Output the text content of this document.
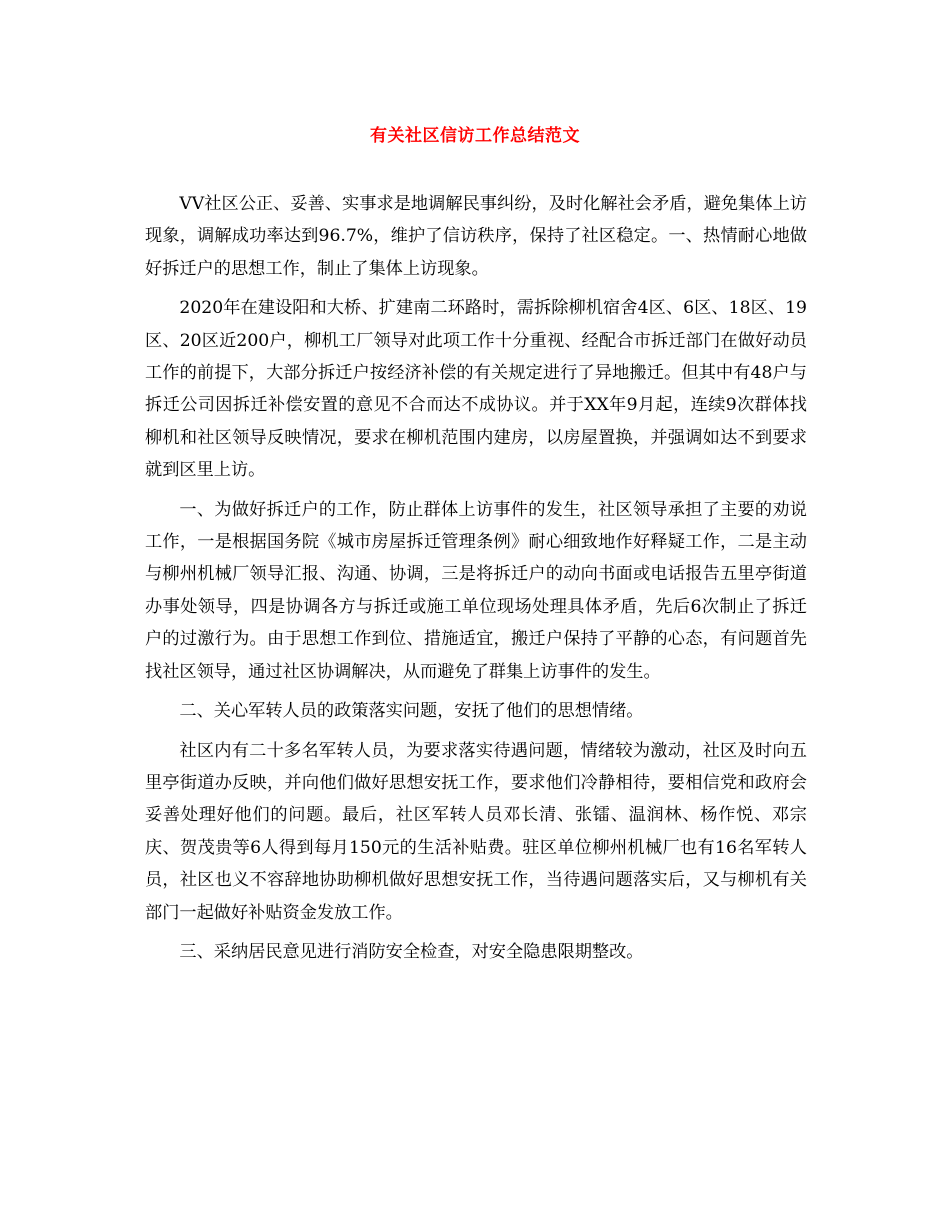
有关社区信访工作总结范文

VV社区公正、妥善、实事求是地调解民事纠纷，及时化解社会矛盾，避免集体上访现象，调解成功率达到96.7%，维护了信访秩序，保持了社区稳定。一、热情耐心地做好拆迁户的思想工作，制止了集体上访现象。

2020年在建设阳和大桥、扩建南二环路时，需拆除柳机宿舍4区、6区、18区、19区、20区近200户，柳机工厂领导对此项工作十分重视、经配合市拆迁部门在做好动员工作的前提下，大部分拆迁户按经济补偿的有关规定进行了异地搬迁。但其中有48户与拆迁公司因拆迁补偿安置的意见不合而达不成协议。并于XX年9月起，连续9次群体找柳机和社区领导反映情况，要求在柳机范围内建房，以房屋置换，并强调如达不到要求就到区里上访。

一、为做好拆迁户的工作，防止群体上访事件的发生，社区领导承担了主要的劝说工作，一是根据国务院《城市房屋拆迁管理条例》耐心细致地作好释疑工作，二是主动与柳州机械厂领导汇报、沟通、协调，三是将拆迁户的动向书面或电话报告五里亭街道办事处领导，四是协调各方与拆迁或施工单位现场处理具体矛盾，先后6次制止了拆迁户的过激行为。由于思想工作到位、措施适宜，搬迁户保持了平静的心态，有问题首先找社区领导，通过社区协调解决，从而避免了群集上访事件的发生。

二、关心军转人员的政策落实问题，安抚了他们的思想情绪。

社区内有二十多名军转人员，为要求落实待遇问题，情绪较为激动，社区及时向五里亭街道办反映，并向他们做好思想安抚工作，要求他们冷静相待，要相信党和政府会妥善处理好他们的问题。最后，社区军转人员邓长清、张镭、温润林、杨作悦、邓宗庆、贺茂贵等6人得到每月150元的生活补贴费。驻区单位柳州机械厂也有16名军转人员，社区也义不容辞地协助柳机做好思想安抚工作，当待遇问题落实后，又与柳机有关部门一起做好补贴资金发放工作。

三、采纳居民意见进行消防安全检查，对安全隐患限期整改。
